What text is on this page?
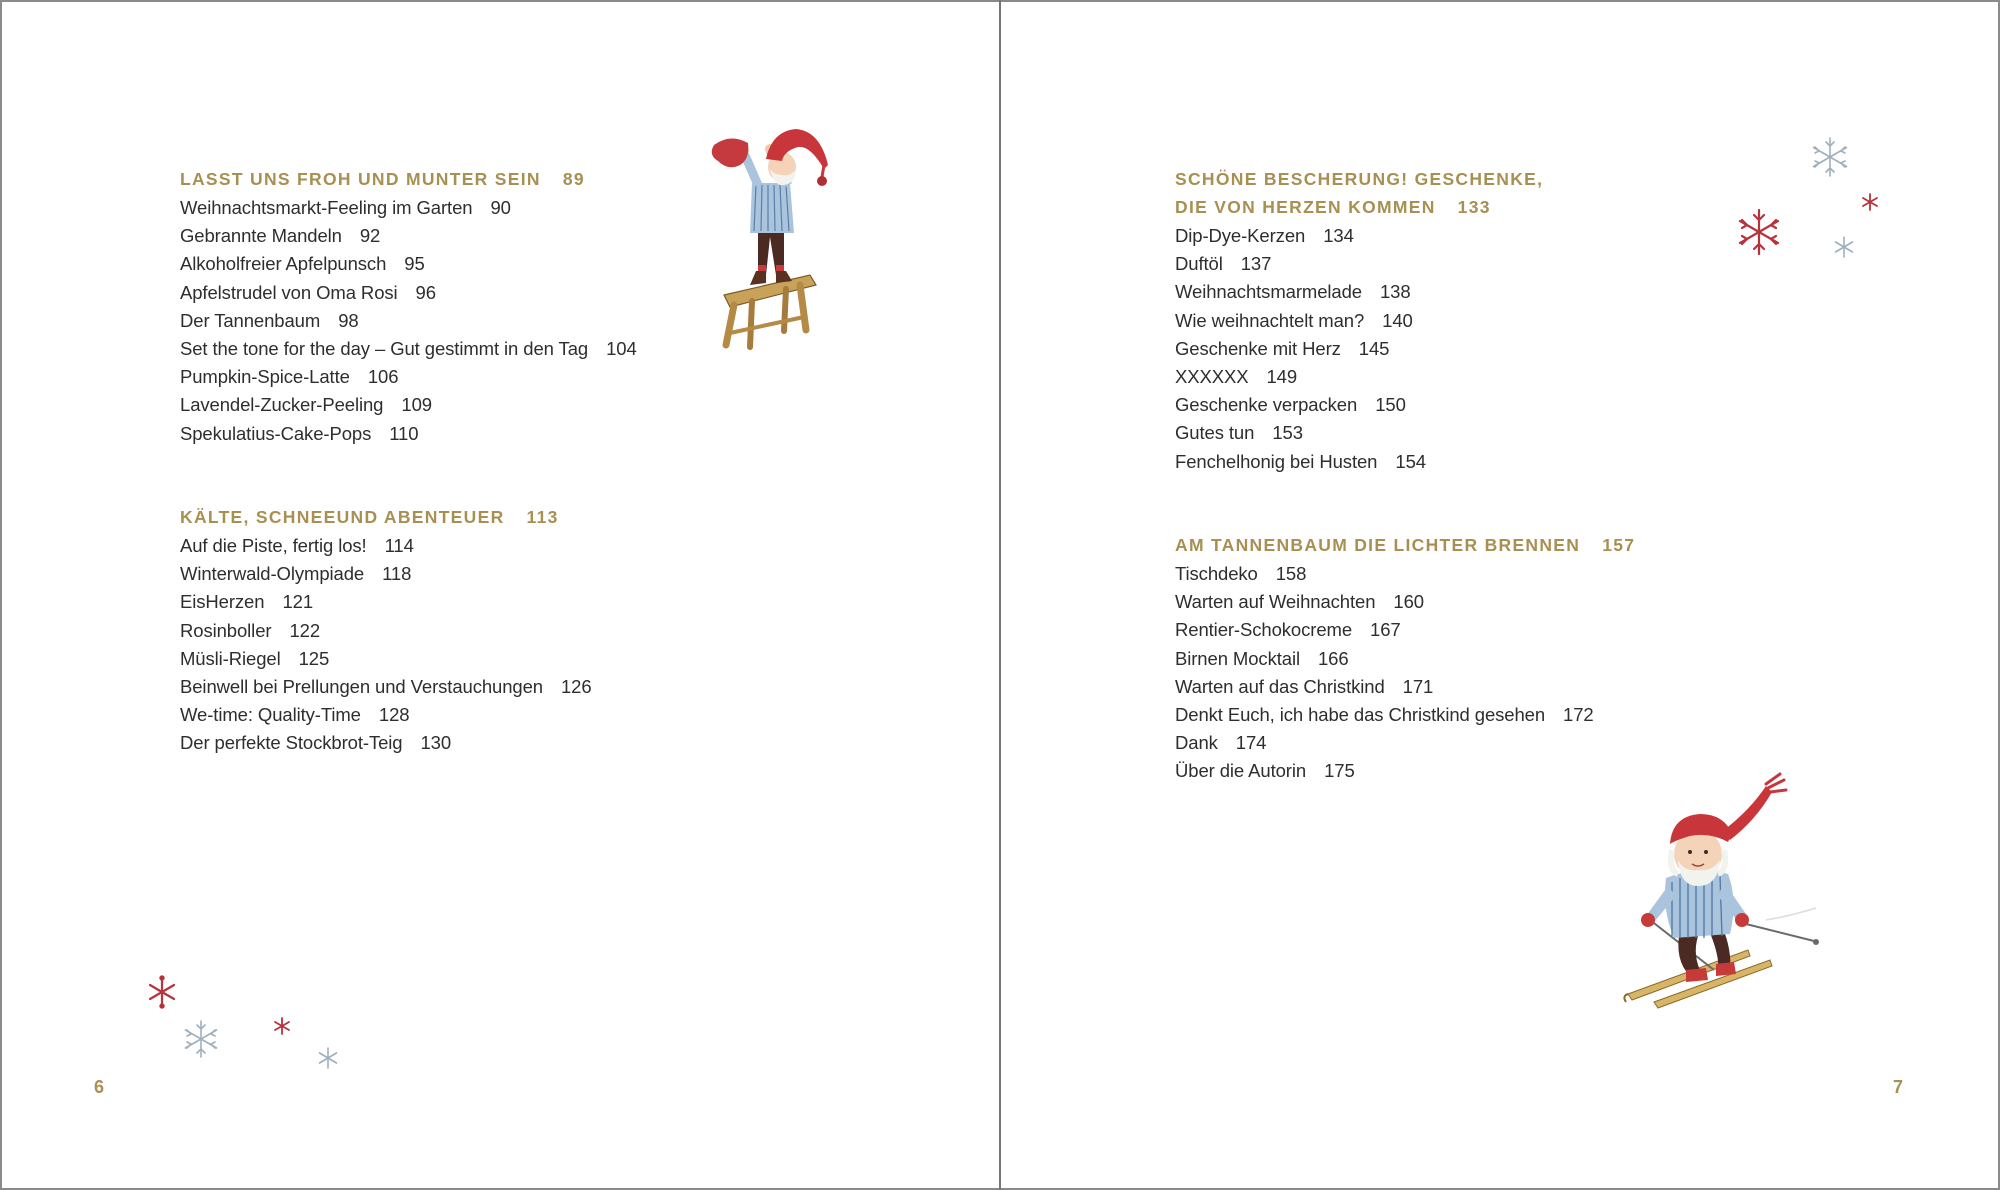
LASST UNS FROH UND MUNTER SEIN 89
Weihnachtsmarkt-Feeling im Garten 90
Gebrannte Mandeln 92
Alkoholfreier Apfelpunsch 95
Apfelstrudel von Oma Rosi 96
Der Tannenbaum 98
Set the tone for the day – Gut gestimmt in den Tag 104
Pumpkin-Spice-Latte 106
Lavendel-Zucker-Peeling 109
Spekulatius-Cake-Pops 110
KÄLTE, SCHNEEUND ABENTEUER 113
Auf die Piste, fertig los! 114
Winterwald-Olympiade 118
EisHerzen 121
Rosinboller 122
Müsli-Riegel 125
Beinwell bei Prellungen und Verstauchungen 126
We-time: Quality-Time 128
Der perfekte Stockbrot-Teig 130
6
SCHÖNE BESCHERUNG! GESCHENKE,
DIE VON HERZEN KOMMEN 133
Dip-Dye-Kerzen 134
Duftöl 137
Weihnachtsmarmelade 138
Wie weihnachtelt man? 140
Geschenke mit Herz 145
XXXXXX 149
Geschenke verpacken 150
Gutes tun 153
Fenchelhonig bei Husten 154
AM TANNENBAUM DIE LICHTER BRENNEN 157
Tischdeko 158
Warten auf Weihnachten 160
Rentier-Schokocreme 167
Birnen Mocktail 166
Warten auf das Christkind 171
Denkt Euch, ich habe das Christkind gesehen 172
Dank 174
Über die Autorin 175
7
